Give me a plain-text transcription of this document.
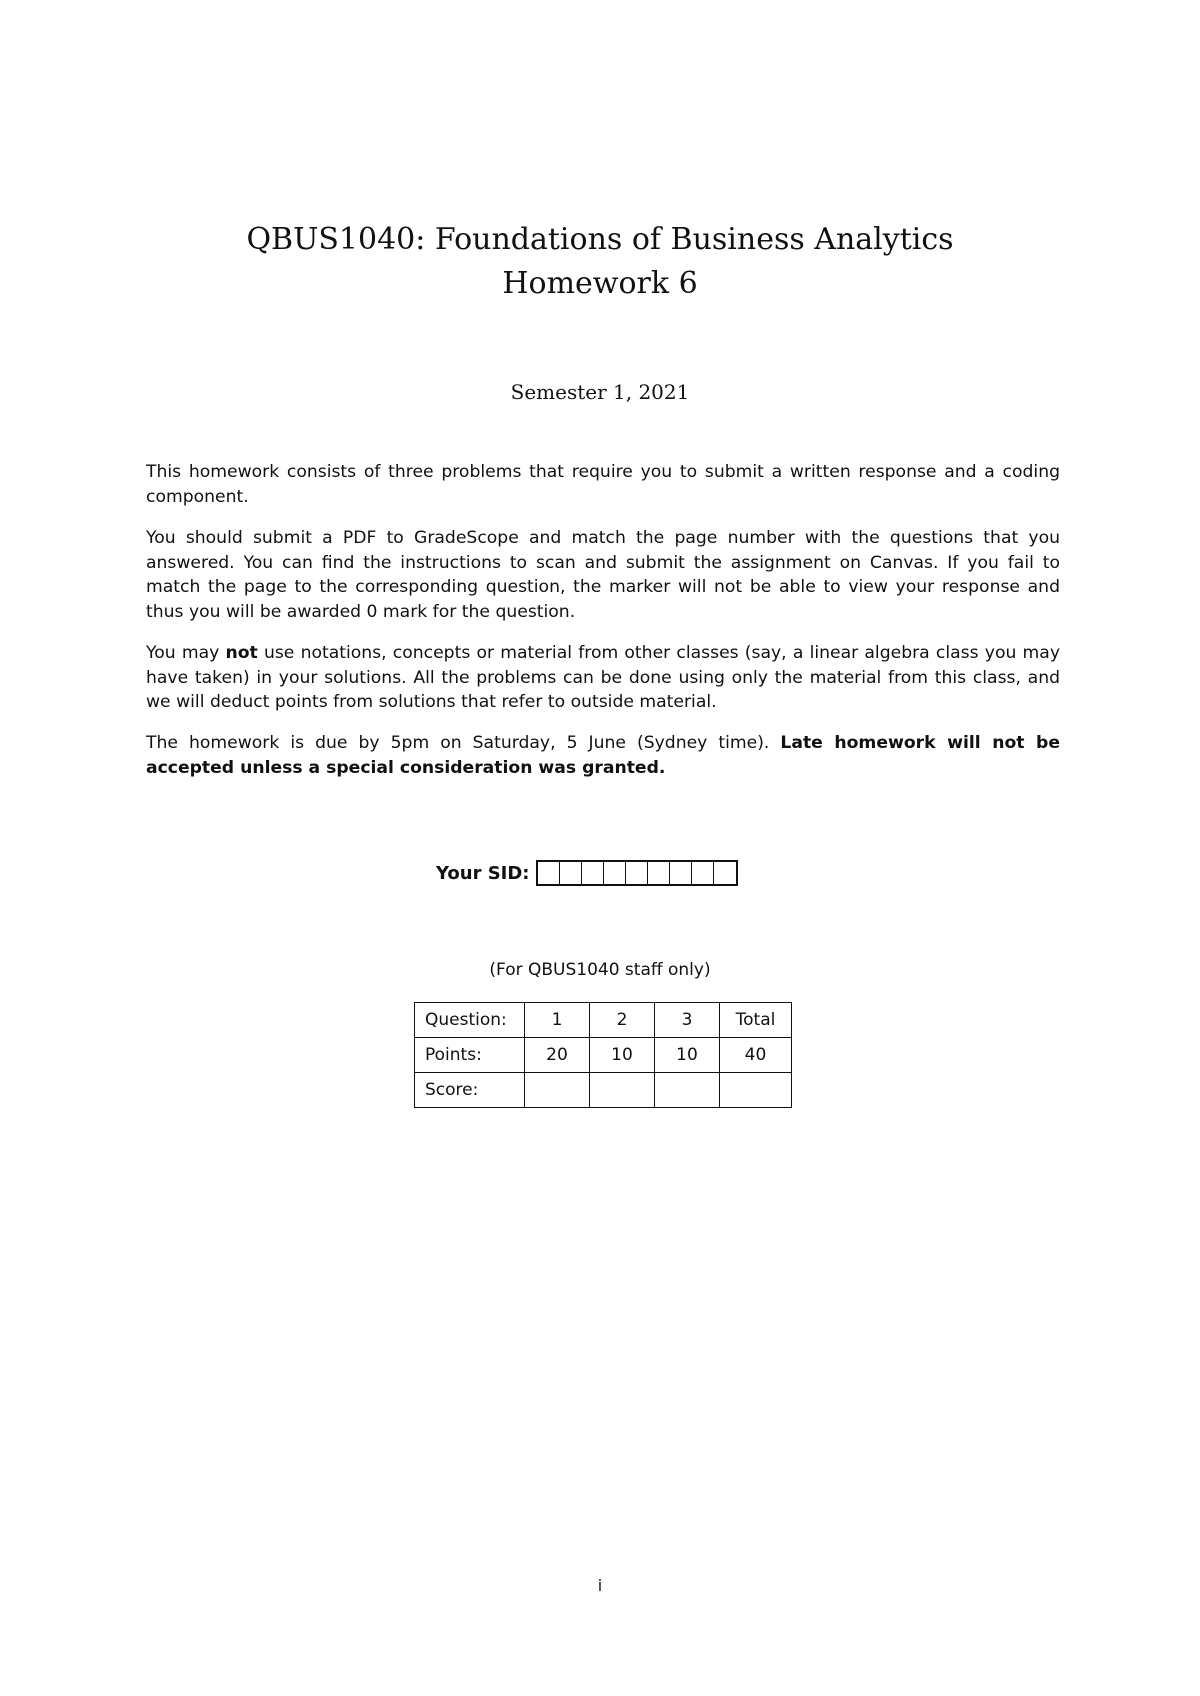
QBUS1040: Foundations of Business Analytics

Homework 6

Semester 1, 2021

This homework consists of three problems that require you to submit a written response and a coding component.

You should submit a PDF to GradeScope and match the page number with the questions that you answered. You can find the instructions to scan and submit the assignment on Canvas. If you fail to match the page to the corresponding question, the marker will not be able to view your response and thus you will be awarded 0 mark for the question.

You may not use notations, concepts or material from other classes (say, a linear algebra class you may have taken) in your solutions. All the problems can be done using only the material from this class, and we will deduct points from solutions that refer to outside material.

The homework is due by 5pm on Saturday, 5 June (Sydney time). Late homework will not be accepted unless a special consideration was granted.

Your SID:

(For QBUS1040 staff only)

Question:	1	2	3	Total
Points:	20	10	10	40
Score:				

i
